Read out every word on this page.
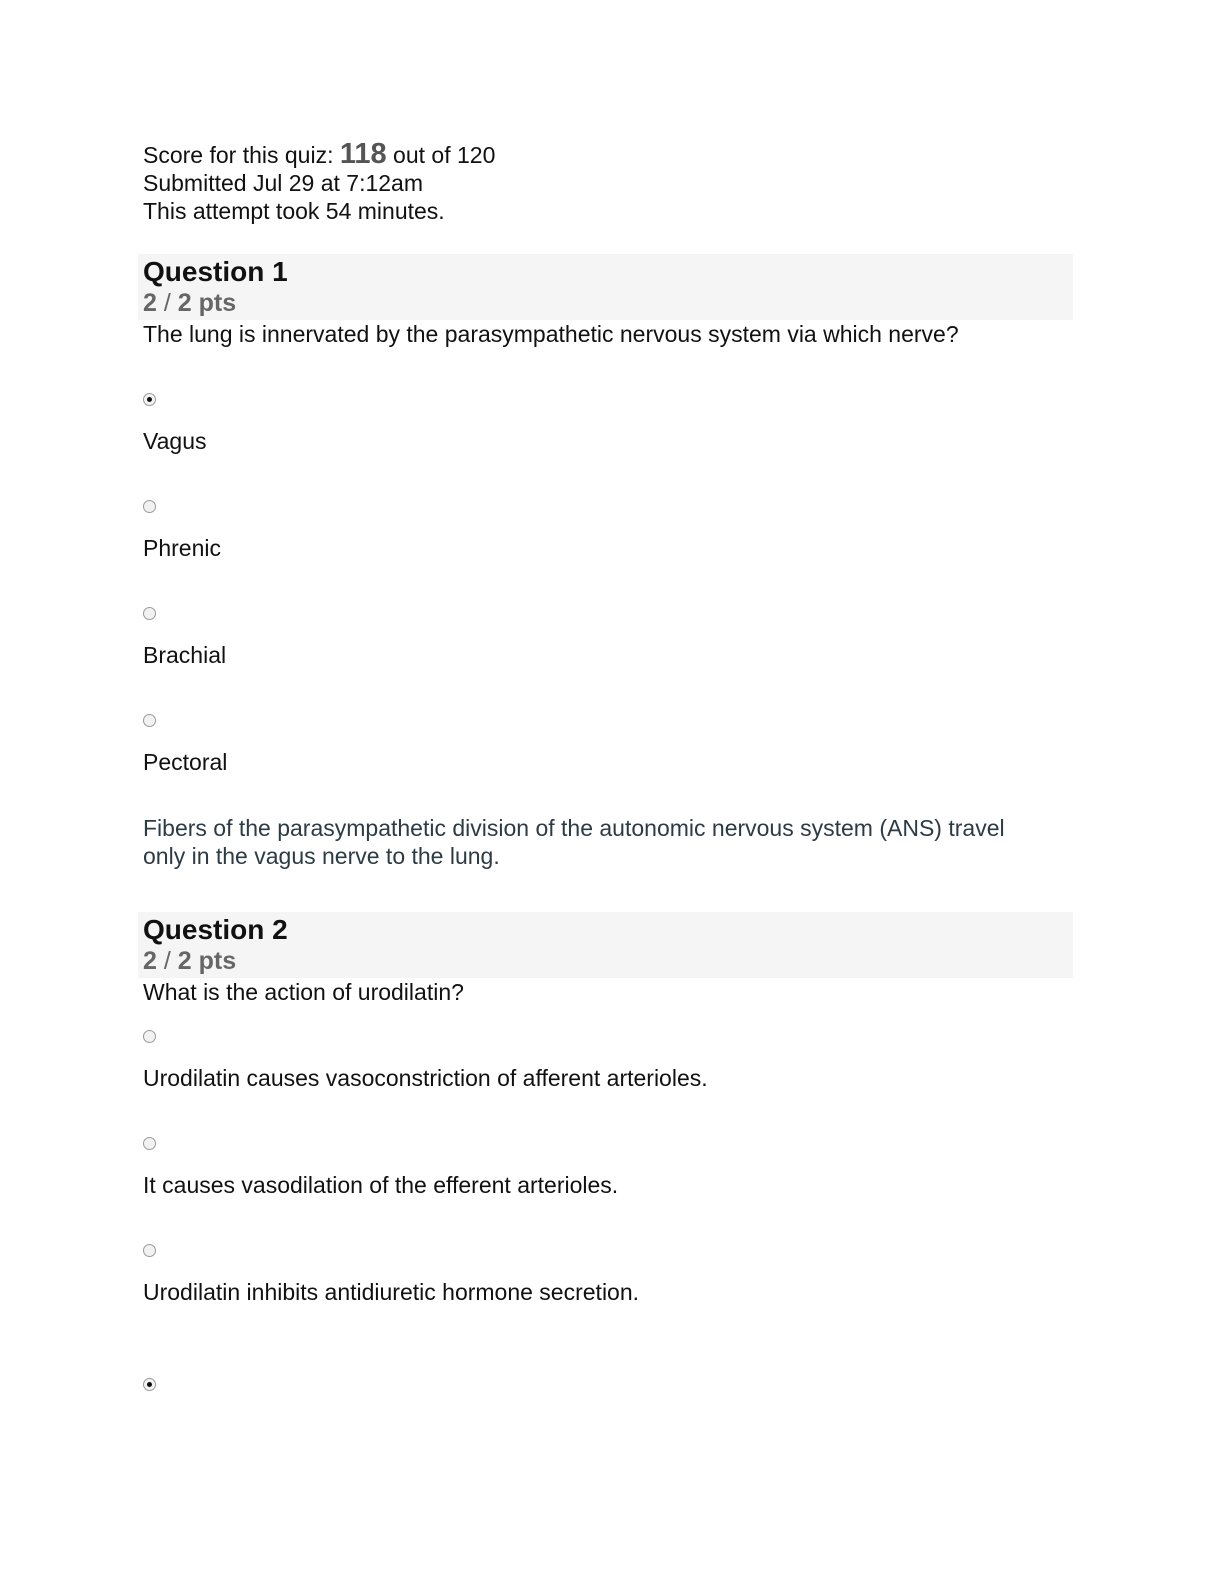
Score for this quiz: 118 out of 120
Submitted Jul 29 at 7:12am
This attempt took 54 minutes.
Question 1
2 / 2 pts
The lung is innervated by the parasympathetic nervous system via which nerve?
Vagus
Phrenic
Brachial
Pectoral
Fibers of the parasympathetic division of the autonomic nervous system (ANS) travel
only in the vagus nerve to the lung.
Question 2
2 / 2 pts
What is the action of urodilatin?
Urodilatin causes vasoconstriction of afferent arterioles.
It causes vasodilation of the efferent arterioles.
Urodilatin inhibits antidiuretic hormone secretion.
